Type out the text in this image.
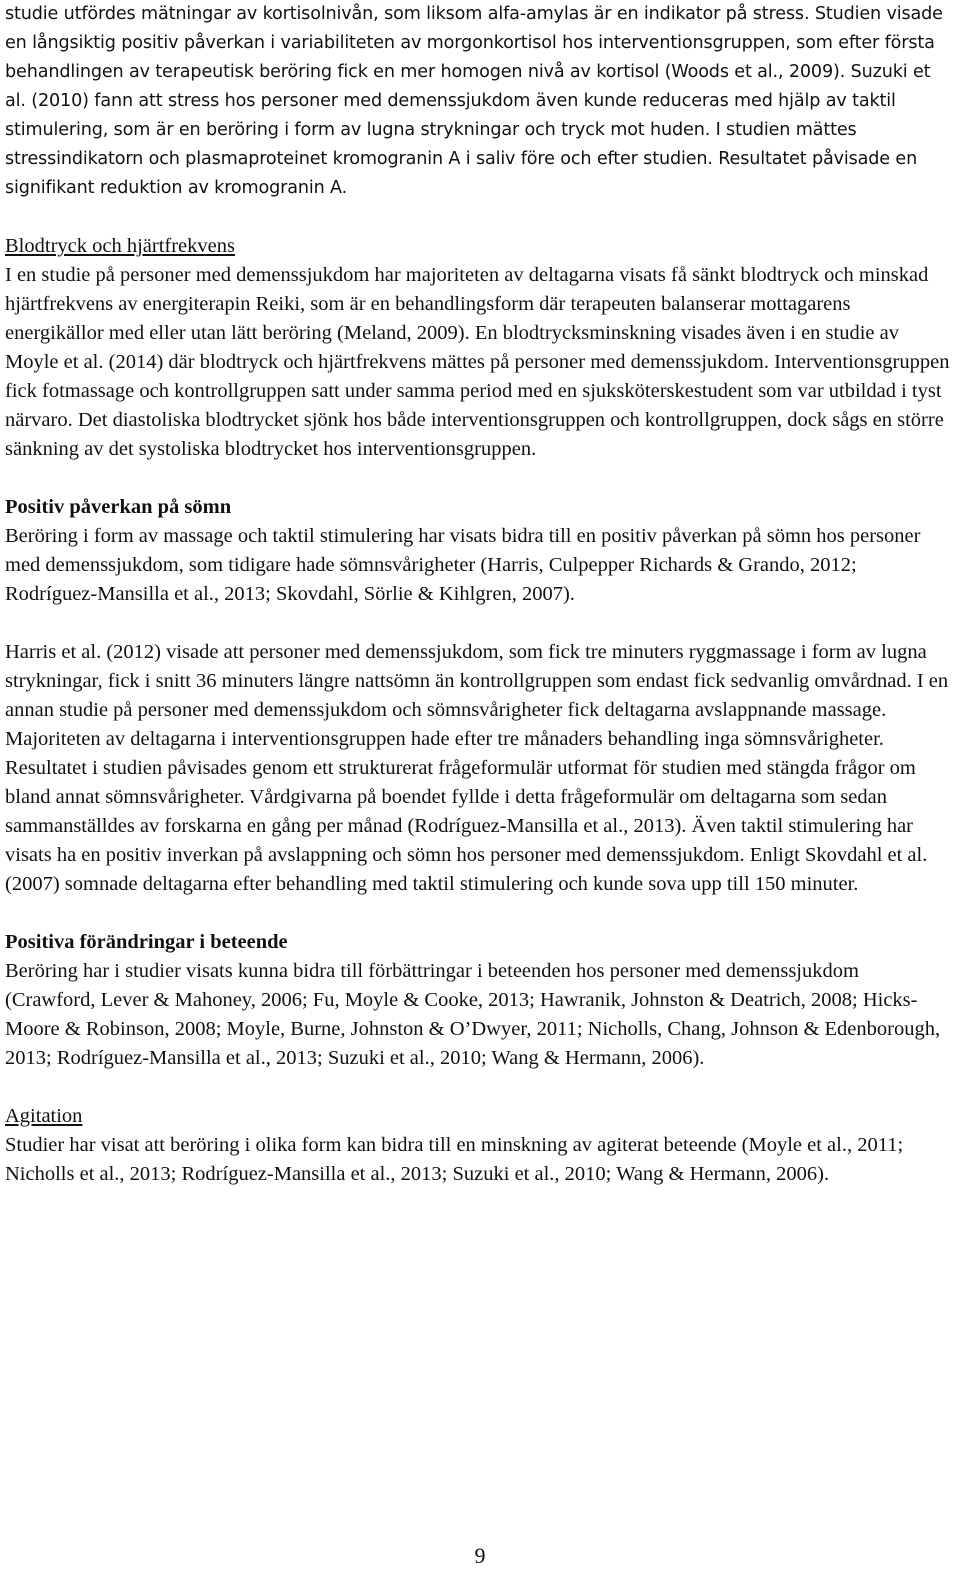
studie utfördes mätningar av kortisolnivån, som liksom alfa-amylas är en indikator på stress. Studien visade en långsiktig positiv påverkan i variabiliteten av morgonkortisol hos interventionsgruppen, som efter första behandlingen av terapeutisk beröring fick en mer homogen nivå av kortisol (Woods et al., 2009). Suzuki et al. (2010) fann att stress hos personer med demenssjukdom även kunde reduceras med hjälp av taktil stimulering, som är en beröring i form av lugna strykningar och tryck mot huden. I studien mättes stressindikatorn och plasmaproteinet kromogranin A i saliv före och efter studien. Resultatet påvisade en signifikant reduktion av kromogranin A.

Blodtryck och hjärtfrekvens

I en studie på personer med demenssjukdom har majoriteten av deltagarna visats få sänkt blodtryck och minskad hjärtfrekvens av energiterapin Reiki, som är en behandlingsform där terapeuten balanserar mottagarens energikällor med eller utan lätt beröring (Meland, 2009). En blodtrycksminskning visades även i en studie av Moyle et al. (2014) där blodtryck och hjärtfrekvens mättes på personer med demenssjukdom. Interventionsgruppen fick fotmassage och kontrollgruppen satt under samma period med en sjuksköterskestudent som var utbildad i tyst närvaro. Det diastoliska blodtrycket sjönk hos både interventionsgruppen och kontrollgruppen, dock sågs en större sänkning av det systoliska blodtrycket hos interventionsgruppen.

Positiv påverkan på sömn

Beröring i form av massage och taktil stimulering har visats bidra till en positiv påverkan på sömn hos personer med demenssjukdom, som tidigare hade sömnsvårigheter (Harris, Culpepper Richards & Grando, 2012; Rodríguez-Mansilla et al., 2013; Skovdahl, Sörlie & Kihlgren, 2007).

Harris et al. (2012) visade att personer med demenssjukdom, som fick tre minuters ryggmassage i form av lugna strykningar, fick i snitt 36 minuters längre nattsömn än kontrollgruppen som endast fick sedvanlig omvårdnad. I en annan studie på personer med demenssjukdom och sömnsvårigheter fick deltagarna avslappnande massage. Majoriteten av deltagarna i interventionsgruppen hade efter tre månaders behandling inga sömnsvårigheter. Resultatet i studien påvisades genom ett strukturerat frågeformulär utformat för studien med stängda frågor om bland annat sömnsvårigheter. Vårdgivarna på boendet fyllde i detta frågeformulär om deltagarna som sedan sammanställdes av forskarna en gång per månad (Rodríguez-Mansilla et al., 2013). Även taktil stimulering har visats ha en positiv inverkan på avslappning och sömn hos personer med demenssjukdom. Enligt Skovdahl et al. (2007) somnade deltagarna efter behandling med taktil stimulering och kunde sova upp till 150 minuter.

Positiva förändringar i beteende

Beröring har i studier visats kunna bidra till förbättringar i beteenden hos personer med demenssjukdom (Crawford, Lever & Mahoney, 2006; Fu, Moyle & Cooke, 2013; Hawranik, Johnston & Deatrich, 2008; Hicks-Moore & Robinson, 2008; Moyle, Burne, Johnston & O’Dwyer, 2011; Nicholls, Chang, Johnson & Edenborough, 2013; Rodríguez-Mansilla et al., 2013; Suzuki et al., 2010; Wang & Hermann, 2006).

Agitation

Studier har visat att beröring i olika form kan bidra till en minskning av agiterat beteende (Moyle et al., 2011; Nicholls et al., 2013; Rodríguez-Mansilla et al., 2013; Suzuki et al., 2010; Wang & Hermann, 2006).

9
